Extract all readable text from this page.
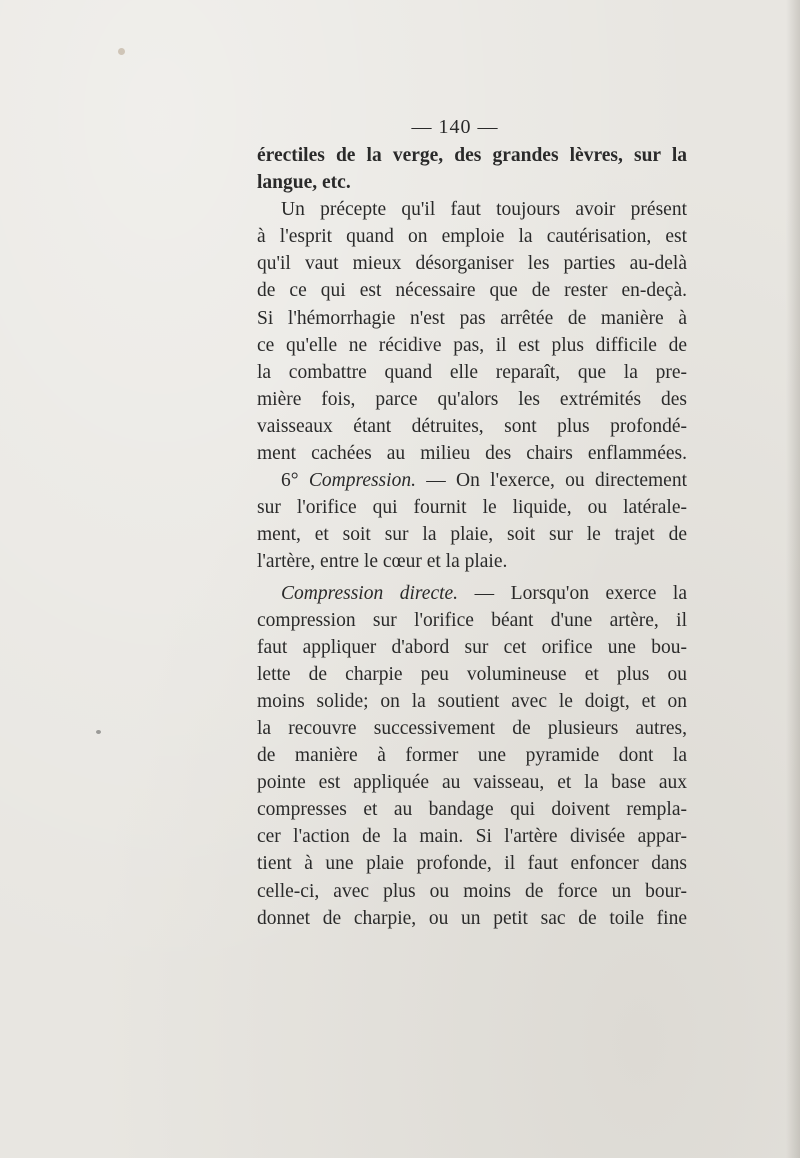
— 140 —
érectiles de la verge, des grandes lèvres, sur la
langue, etc.
Un précepte qu'il faut toujours avoir présent
à l'esprit quand on emploie la cautérisation, est
qu'il vaut mieux désorganiser les parties au-delà
de ce qui est nécessaire que de rester en-deçà.
Si l'hémorrhagie n'est pas arrêtée de manière à
ce qu'elle ne récidive pas, il est plus difficile de
la combattre quand elle reparaît, que la pre-
mière fois, parce qu'alors les extrémités des
vaisseaux étant détruites, sont plus profondé-
ment cachées au milieu des chairs enflammées.
6° Compression. — On l'exerce, ou directement
sur l'orifice qui fournit le liquide, ou latérale-
ment, et soit sur la plaie, soit sur le trajet de
l'artère, entre le cœur et la plaie.
Compression directe. — Lorsqu'on exerce la
compression sur l'orifice béant d'une artère, il
faut appliquer d'abord sur cet orifice une bou-
lette de charpie peu volumineuse et plus ou
moins solide; on la soutient avec le doigt, et on
la recouvre successivement de plusieurs autres,
de manière à former une pyramide dont la
pointe est appliquée au vaisseau, et la base aux
compresses et au bandage qui doivent rempla-
cer l'action de la main. Si l'artère divisée appar-
tient à une plaie profonde, il faut enfoncer dans
celle-ci, avec plus ou moins de force un bour-
donnet de charpie, ou un petit sac de toile fine
